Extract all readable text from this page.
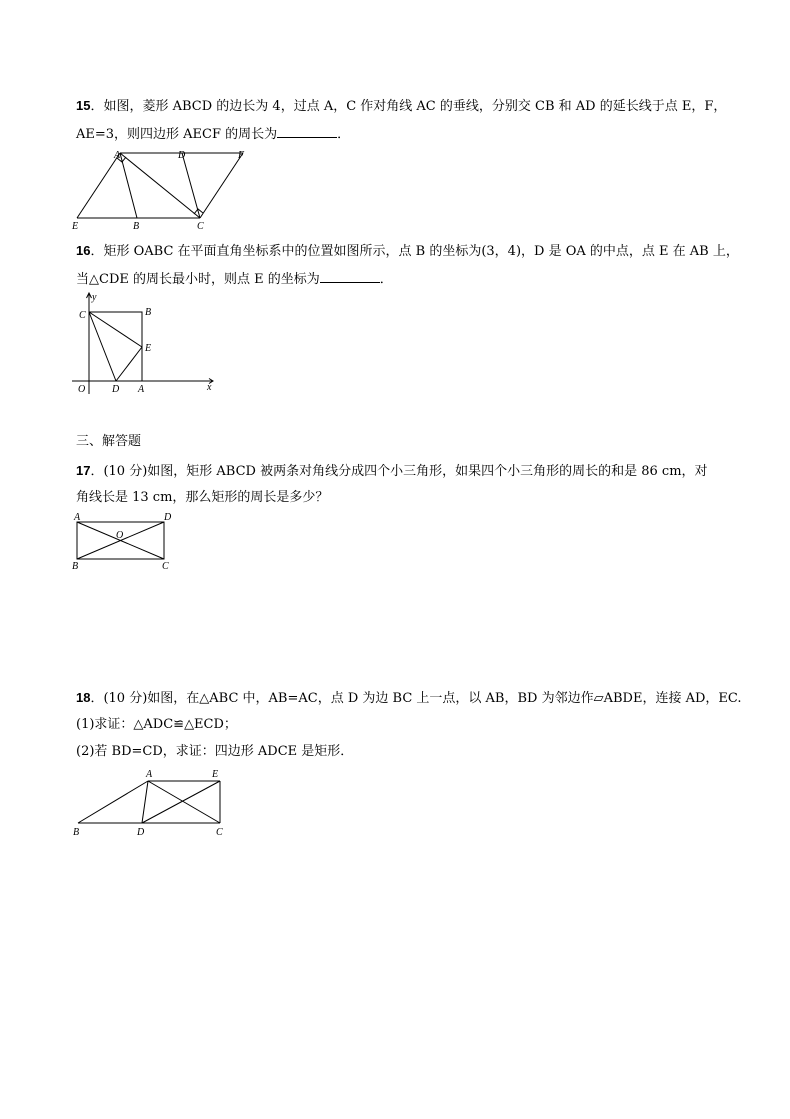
15．如图，菱形 ABCD 的边长为 4，过点 A，C 作对角线 AC 的垂线，分别交 CB 和 AD 的延长线于点 E，F，
AE=3，则四边形 AECF 的周长为	．
A	D	F
E	B	C
16．矩形 OABC 在平面直角坐标系中的位置如图所示，点 B 的坐标为(3，4)，D 是 OA 的中点，点 E 在 AB 上，
当△CDE 的周长最小时，则点 E 的坐标为	．
y
C	B
E
O	D A	x
三、解答题
17．(10 分)如图，矩形 ABCD 被两条对角线分成四个小三角形，如果四个小三角形的周长的和是 86 cm，对
角线长是 13 cm，那么矩形的周长是多少？
A	D
O
B	C
18．(10 分)如图，在△ABC 中，AB=AC，点 D 为边 BC 上一点，以 AB，BD 为邻边作▱ABDE，连接 AD，EC.
(1)求证：△ADC≌△ECD；
(2)若 BD=CD，求证：四边形 ADCE 是矩形．
A	E
B	D	C
